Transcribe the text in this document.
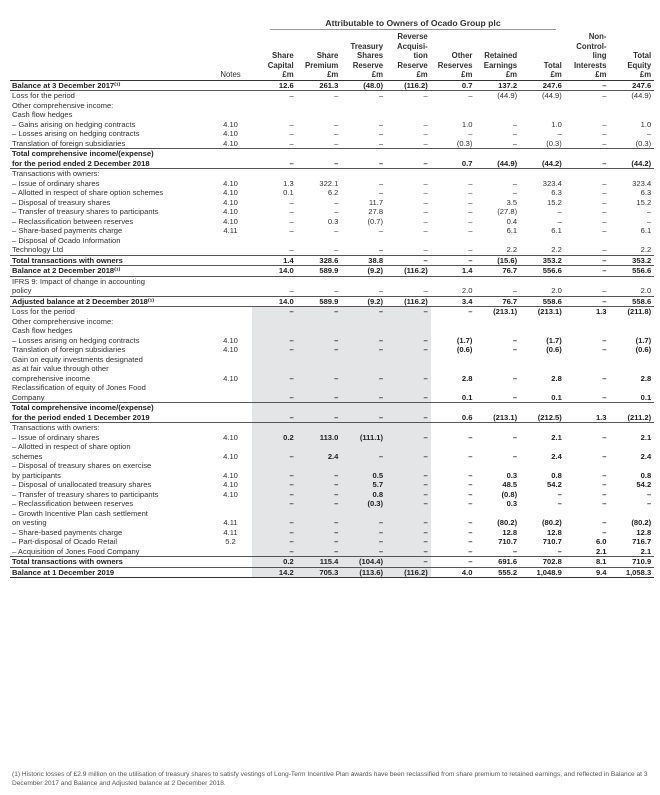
Attributable to Owners of Ocado Group plc
	Notes	Share
Capital
£m	Share
Premium
£m	Treasury
Shares
Reserve
£m	Reverse
Acquisi-
tion
Reserve
£m	Other
Reserves
£m	Retained
Earnings
£m	Total
£m	Non-
Control-
ling
Interests
£m	Total
Equity
£m
Balance at 3 December 2017⁽¹⁾		12.6	261.3	(48.0)	(116.2)	0.7	137.2	247.6	–	247.6
Loss for the period		–	–	–	–	–	(44.9)	(44.9)	–	(44.9)
Other comprehensive income:										
Cash flow hedges										
– Gains arising on hedging contracts	4.10	–	–	–	–	1.0	–	1.0	–	1.0
– Losses arising on hedging contracts	4.10	–	–	–	–	–	–	–	–	–
Translation of foreign subsidiaries	4.10	–	–	–	–	(0.3)	–	(0.3)	–	(0.3)
Total comprehensive income/(expense)
for the period ended 2 December 2018		–	–	–	–	0.7	(44.9)	(44.2)	–	(44.2)
Transactions with owners:										
– Issue of ordinary shares	4.10	1.3	322.1	–	–	–	–	323.4	–	323.4
– Allotted in respect of share option schemes	4.10	0.1	6.2	–	–	–	–	6.3	–	6.3
– Disposal of treasury shares	4.10	–	–	11.7	–	–	3.5	15.2	–	15.2
– Transfer of treasury shares to participants	4.10	–	–	27.8	–	–	(27.8)	–	–	–
– Reclassification between reserves	4.10	–	0.3	(0.7)	–	–	0.4	–	–	–
– Share-based payments charge	4.11	–	–	–	–	–	6.1	6.1	–	6.1
– Disposal of Ocado Information
Technology Ltd		–	–	–	–	–	2.2	2.2	–	2.2
Total transactions with owners		1.4	328.6	38.8	–	–	(15.6)	353.2	–	353.2
Balance at 2 December 2018⁽¹⁾		14.0	589.9	(9.2)	(116.2)	1.4	76.7	556.6	–	556.6
IFRS 9: Impact of change in accounting
policy		–	–	–	–	2.0	–	2.0	–	2.0
Adjusted balance at 2 December 2018⁽¹⁾		14.0	589.9	(9.2)	(116.2)	3.4	76.7	558.6	–	558.6
Loss for the period		–	–	–	–	–	(213.1)	(213.1)	1.3	(211.8)
Other comprehensive income:										
Cash flow hedges										
– Losses arising on hedging contracts	4.10	–	–	–	–	(1.7)	–	(1.7)	–	(1.7)
Translation of foreign subsidiaries	4.10	–	–	–	–	(0.6)	–	(0.6)	–	(0.6)
Gain on equity investments designated
as at fair value through other
comprehensive income	4.10	–	–	–	–	2.8	–	2.8	–	2.8
Reclassification of equity of Jones Food
Company		–	–	–	–	0.1	–	0.1	–	0.1
Total comprehensive income/(expense)
for the period ended 1 December 2019		–	–	–	–	0.6	(213.1)	(212.5)	1.3	(211.2)
Transactions with owners:										
– Issue of ordinary shares	4.10	0.2	113.0	(111.1)	–	–	–	2.1	–	2.1
– Allotted in respect of share option
schemes	4.10	–	2.4	–	–	–	–	2.4	–	2.4
– Disposal of treasury shares on exercise
by participants	4.10	–	–	0.5	–	–	0.3	0.8	–	0.8
– Disposal of unallocated treasury shares	4.10	–	–	5.7	–	–	48.5	54.2	–	54.2
– Transfer of treasury shares to participants	4.10	–	–	0.8	–	–	(0.8)	–	–	–
– Reclassification between reserves		–	–	(0.3)	–	–	0.3	–	–	–
– Growth Incentive Plan cash settlement
on vesting	4.11	–	–	–	–	–	(80.2)	(80.2)	–	(80.2)
– Share-based payments charge	4.11	–	–	–	–	–	12.8	12.8	–	12.8
– Part-disposal of Ocado Retail	5.2	–	–	–	–	–	710.7	710.7	6.0	716.7
– Acquisition of Jones Food Company		–	–	–	–	–	–	–	2.1	2.1
Total transactions with owners		0.2	115.4	(104.4)	–	–	691.6	702.8	8.1	710.9
Balance at 1 December 2019		14.2	705.3	(113.6)	(116.2)	4.0	555.2	1,048.9	9.4	1,058.3
(1) Historic losses of £2.9 million on the utilisation of treasury shares to satisfy vestings of Long-Term Incentive Plan awards have been reclassified from share premium to retained earnings, and reflected in Balance at 3 December 2017 and Balance and Adjusted balance at 2 December 2018.
